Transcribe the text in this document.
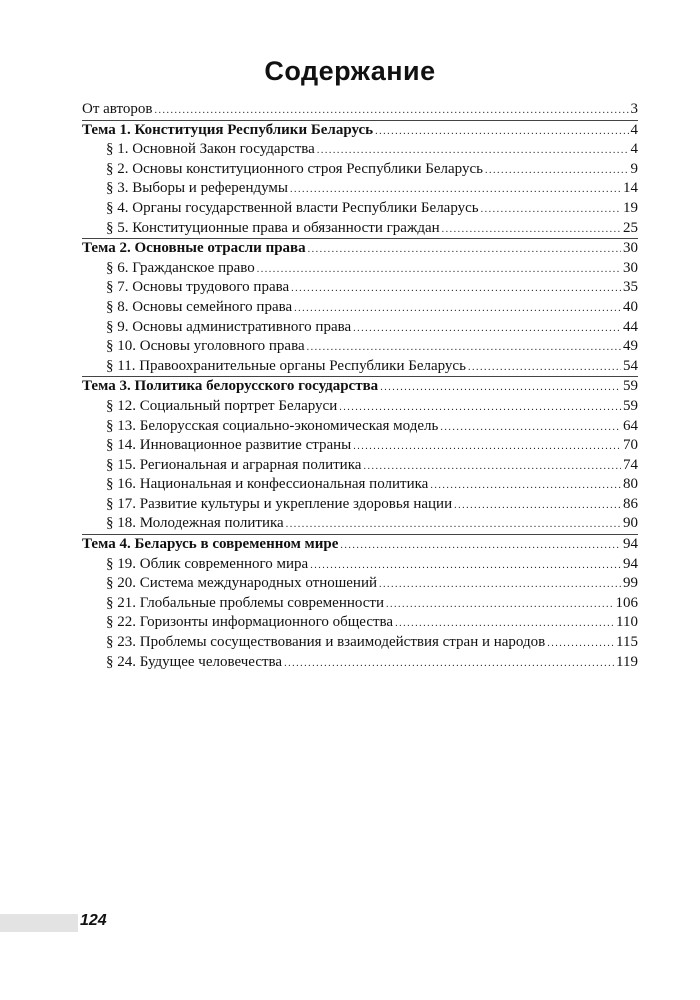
Содержание
От авторов .....	3
Тема 1. Конституция Республики Беларусь .....	4
§ 1. Основной Закон государства .....	4
§ 2. Основы конституционного строя Республики Беларусь .....	9
§ 3. Выборы и референдумы .....	14
§ 4. Органы государственной власти Республики Беларусь .....	19
§ 5. Конституционные права и обязанности граждан .....	25
Тема 2. Основные отрасли права .....	30
§ 6. Гражданское право .....	30
§ 7. Основы трудового права .....	35
§ 8. Основы семейного права .....	40
§ 9. Основы административного права .....	44
§ 10. Основы уголовного права .....	49
§ 11. Правоохранительные органы Республики Беларусь .....	54
Тема 3. Политика белорусского государства .....	59
§ 12. Социальный портрет Беларуси .....	59
§ 13. Белорусская социально-экономическая модель .....	64
§ 14. Инновационное развитие страны .....	70
§ 15. Региональная и аграрная политика .....	74
§ 16. Национальная и конфессиональная политика .....	80
§ 17. Развитие культуры и укрепление здоровья нации .....	86
§ 18. Молодежная политика .....	90
Тема 4. Беларусь в современном мире .....	94
§ 19. Облик современного мира .....	94
§ 20. Система международных отношений .....	99
§ 21. Глобальные проблемы современности .....	106
§ 22. Горизонты информационного общества .....	110
§ 23. Проблемы сосуществования и взаимодействия стран и народов .....	115
§ 24. Будущее человечества .....	119
124
